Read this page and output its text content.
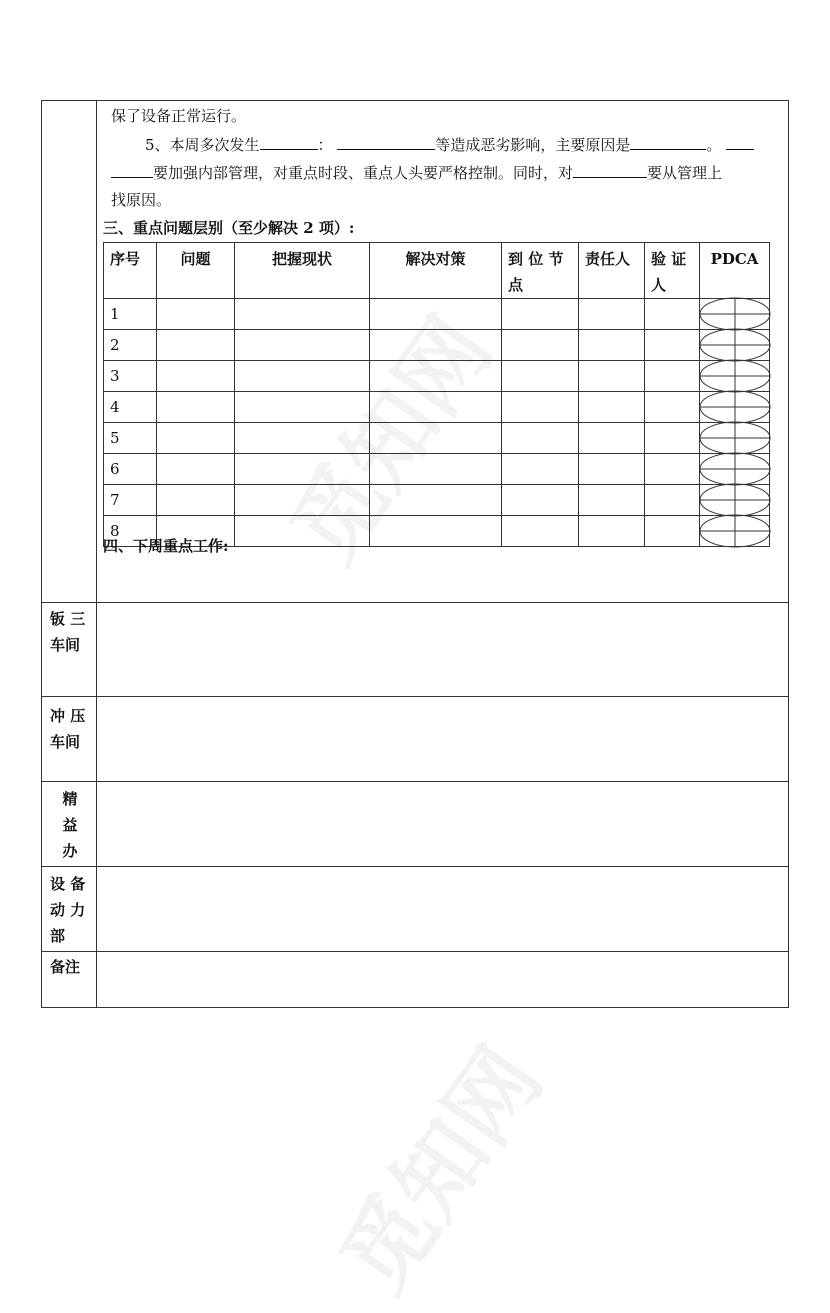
觅知网
觅知网
保了设备正常运行。
5、本周多次发生	：	等造成恶劣影响，主要原因是	。
要加强内部管理，对重点时段、重点人头要严格控制。同时，对	要从管理上
找原因。
三、重点问题层别（至少解决 2 项）:
序号	问题	把握现状	解决对策	到 位 节 点	责任人	验 证 人	PDCA
1							

2							

3							

4							

5							

6							

7							

8							
四、下周重点工作:
钣 三 车间
冲 压 车间
精 益 办
设 备 动 力 部
备注
